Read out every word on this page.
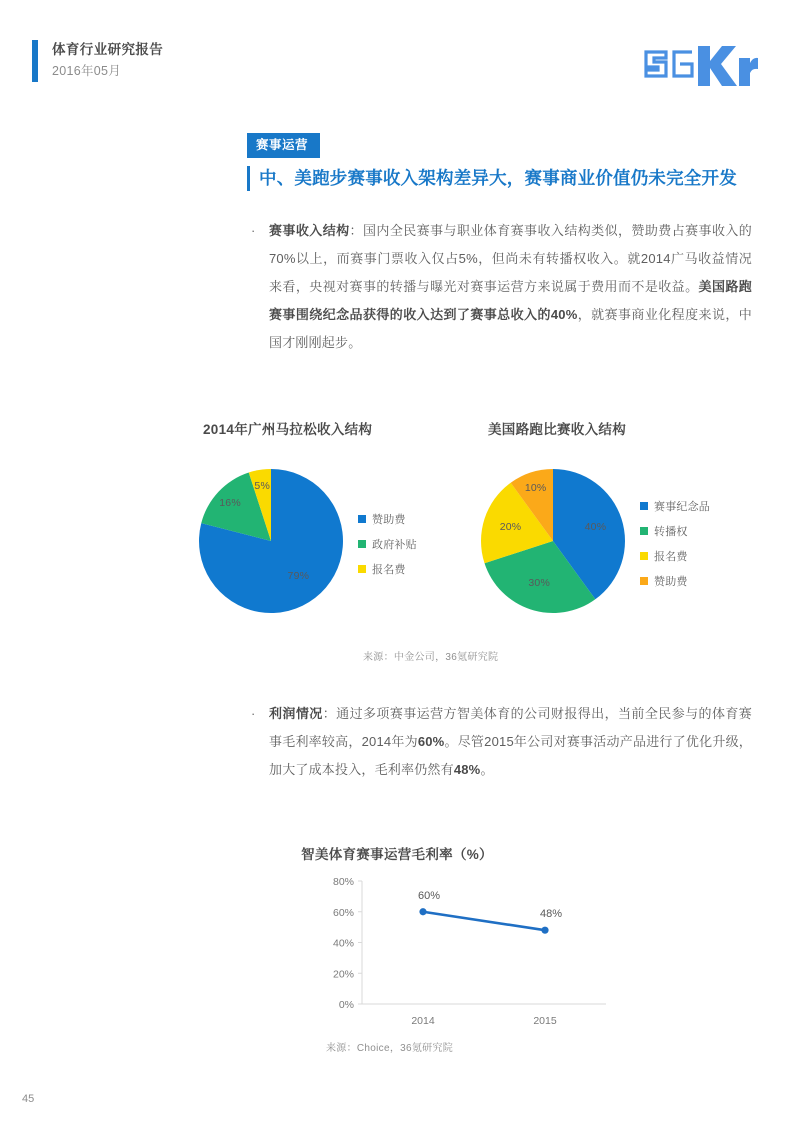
体育行业研究报告
2016年05月
赛事运营
中、美跑步赛事收入架构差异大，赛事商业价值仍未完全开发
·	赛事收入结构：国内全民赛事与职业体育赛事收入结构类似，赞助费占赛事收入的70%以上，而赛事门票收入仅占5%，但尚未有转播权收入。就2014广马收益情况来看，央视对赛事的转播与曝光对赛事运营方来说属于费用而不是收益。美国路跑赛事围绕纪念品获得的收入达到了赛事总收入的40%，就赛事商业化程度来说，中国才刚刚起步。
2014年广州马拉松收入结构	美国路跑比赛收入结构
79%
16%
5%
赞助费
政府补贴
报名费
40%
30%
20%
10%
赛事纪念品
转播权
报名费
赞助费
来源：中金公司，36氪研究院
·	利润情况：通过多项赛事运营方智美体育的公司财报得出，当前全民参与的体育赛事毛利率较高，2014年为60%。尽管2015年公司对赛事活动产品进行了优化升级，加大了成本投入，毛利率仍然有48%。
智美体育赛事运营毛利率（%）
0%
20%
40%
60%
80%
2014	2015
60%
48%
来源：Choice，36氪研究院
45
